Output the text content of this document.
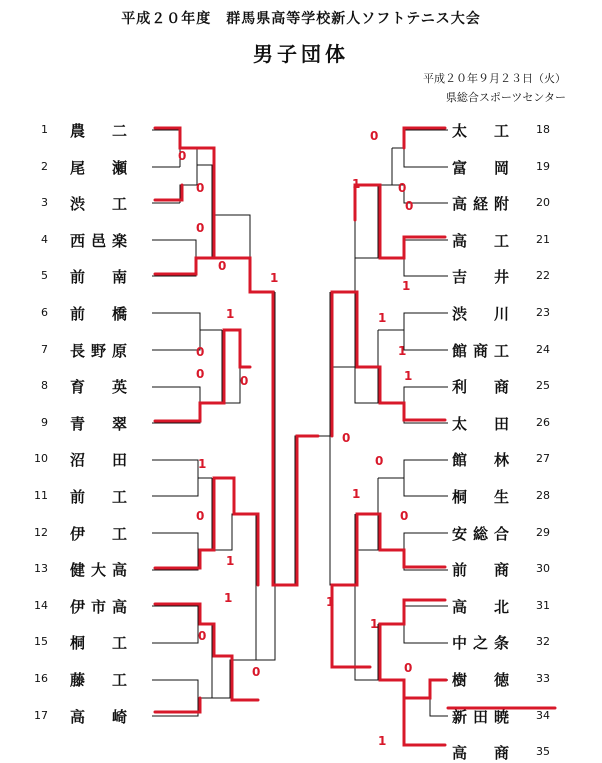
平成２０年度　群馬県高等学校新人ソフトテニス大会
男子団体
平成２０年９月２３日（火）
県総合スポーツセンター
1 農　二
2 尾　瀬
3 渋　工
4 西邑楽
5 前　南
6 前　橋
7 長野原
8 育　英
9 青　翠
10 沼　田
11 前　工
12 伊　工
13 健大高
14 伊市高
15 桐　工
16 藤　工
17 高　崎
18
太　工
19
富　岡
20
高経附
21
高　工
22
吉　井
23
渋　川
24
館商工
25
利　商
26
太　田
27
館　林
28
桐　生
29
安総合
30
前　商
31
高　北
32
中之条
33
樹　徳
34
新田暁
35
高　商
0
0
0
0
1
1
0
0	0
1
0
1
1
0
0
0
1	0
0
1
1
1
1
0
0
1
0
1
1
0
1
